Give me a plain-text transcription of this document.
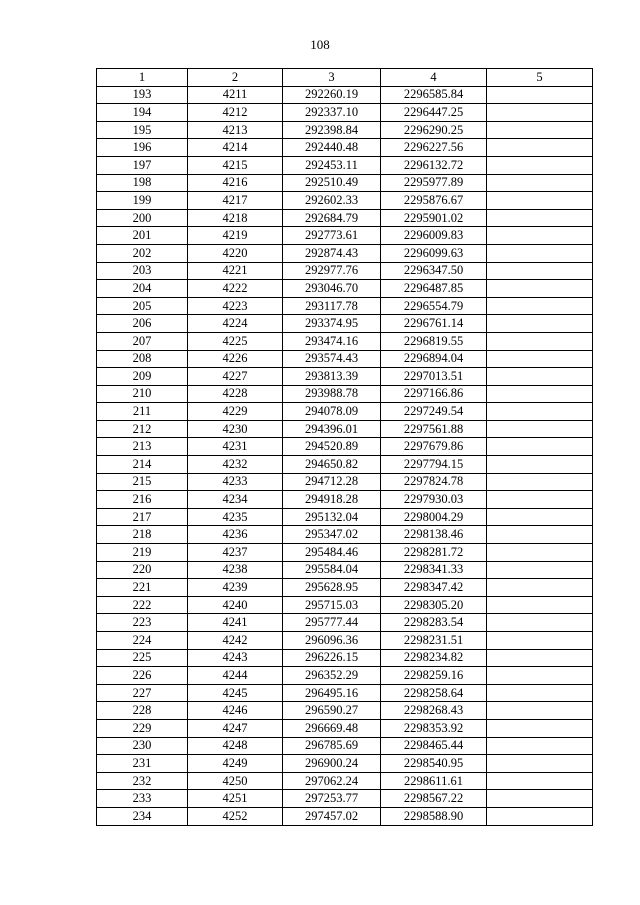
108
1	2	3	4	5
193	4211	292260.19	2296585.84	
194	4212	292337.10	2296447.25	
195	4213	292398.84	2296290.25	
196	4214	292440.48	2296227.56	
197	4215	292453.11	2296132.72	
198	4216	292510.49	2295977.89	
199	4217	292602.33	2295876.67	
200	4218	292684.79	2295901.02	
201	4219	292773.61	2296009.83	
202	4220	292874.43	2296099.63	
203	4221	292977.76	2296347.50	
204	4222	293046.70	2296487.85	
205	4223	293117.78	2296554.79	
206	4224	293374.95	2296761.14	
207	4225	293474.16	2296819.55	
208	4226	293574.43	2296894.04	
209	4227	293813.39	2297013.51	
210	4228	293988.78	2297166.86	
211	4229	294078.09	2297249.54	
212	4230	294396.01	2297561.88	
213	4231	294520.89	2297679.86	
214	4232	294650.82	2297794.15	
215	4233	294712.28	2297824.78	
216	4234	294918.28	2297930.03	
217	4235	295132.04	2298004.29	
218	4236	295347.02	2298138.46	
219	4237	295484.46	2298281.72	
220	4238	295584.04	2298341.33	
221	4239	295628.95	2298347.42	
222	4240	295715.03	2298305.20	
223	4241	295777.44	2298283.54	
224	4242	296096.36	2298231.51	
225	4243	296226.15	2298234.82	
226	4244	296352.29	2298259.16	
227	4245	296495.16	2298258.64	
228	4246	296590.27	2298268.43	
229	4247	296669.48	2298353.92	
230	4248	296785.69	2298465.44	
231	4249	296900.24	2298540.95	
232	4250	297062.24	2298611.61	
233	4251	297253.77	2298567.22	
234	4252	297457.02	2298588.90	
